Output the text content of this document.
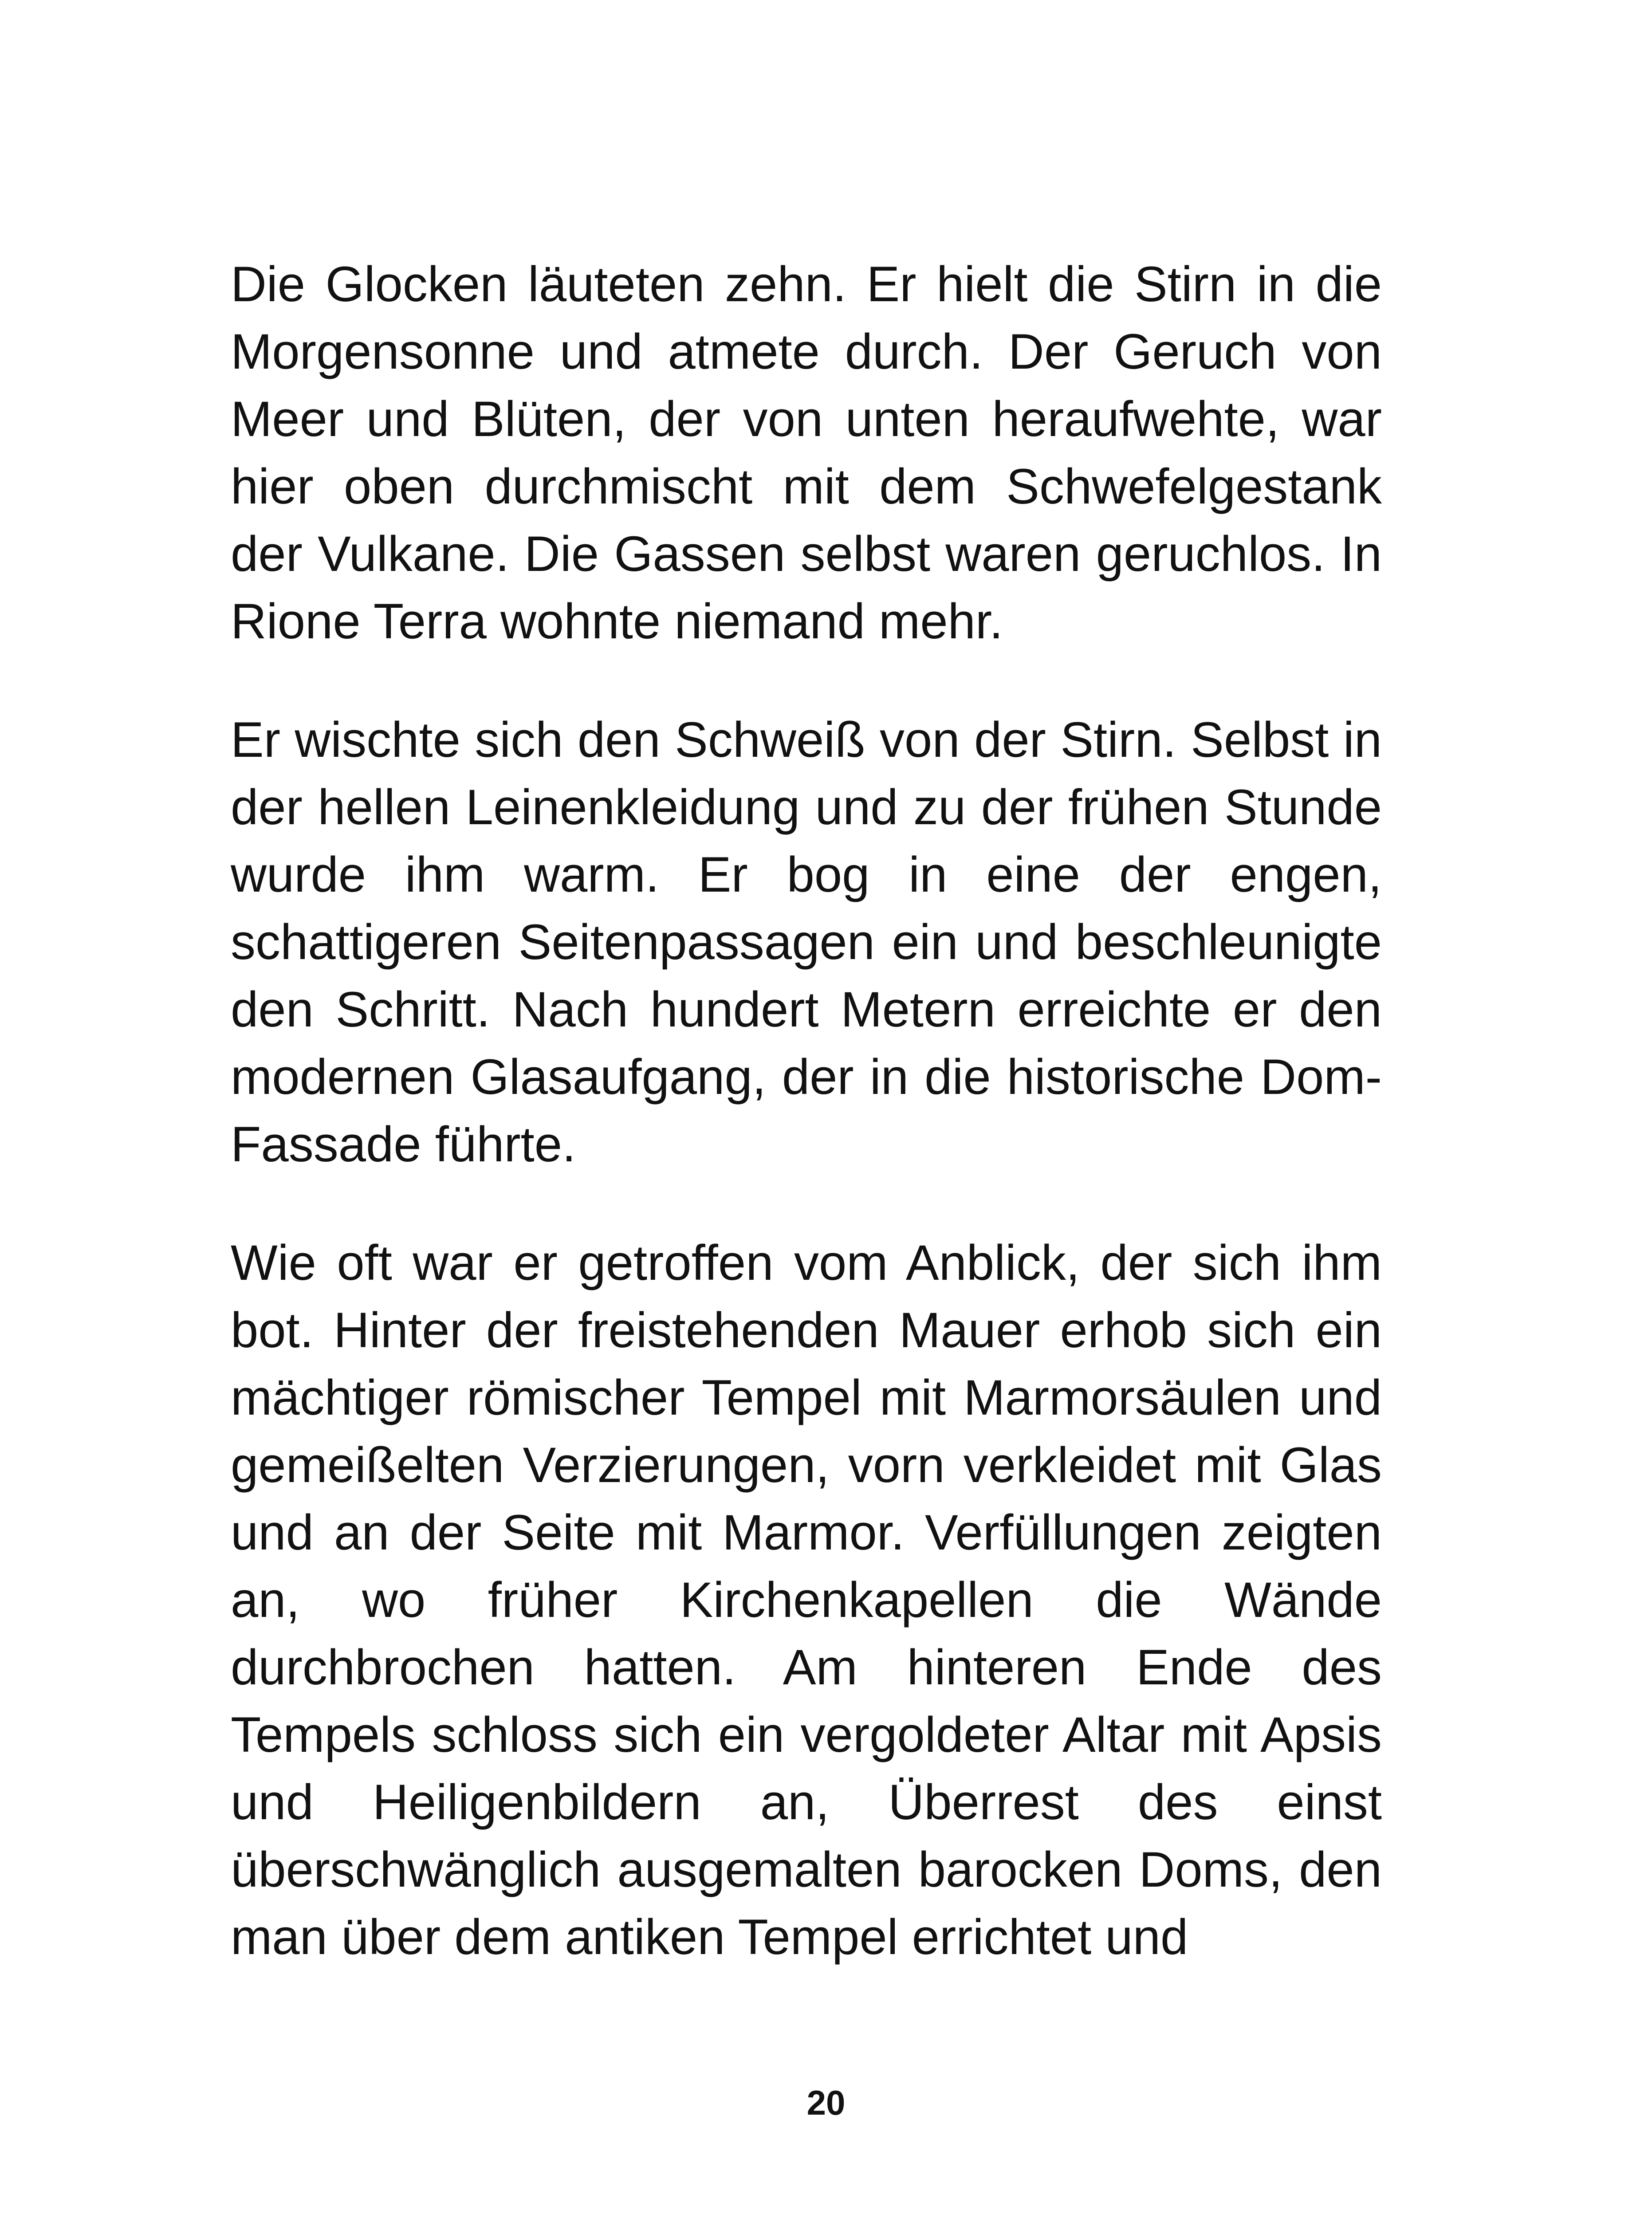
Die Glocken läuteten zehn. Er hielt die Stirn in die Morgensonne und atmete durch. Der Geruch von Meer und Blüten, der von unten heraufwehte, war hier oben durchmischt mit dem Schwefelgestank der Vulkane. Die Gassen selbst waren geruchlos. In Rione Terra wohnte niemand mehr.

Er wischte sich den Schweiß von der Stirn. Selbst in der hellen Leinenkleidung und zu der frühen Stunde wurde ihm warm. Er bog in eine der engen, schattigeren Seitenpassagen ein und beschleunigte den Schritt. Nach hundert Metern erreichte er den modernen Glasaufgang, der in die historische Dom-Fassade führte.

Wie oft war er getroffen vom Anblick, der sich ihm bot. Hinter der freistehenden Mauer erhob sich ein mächtiger römischer Tempel mit Marmorsäulen und gemeißelten Verzierungen, vorn verkleidet mit Glas und an der Seite mit Marmor. Verfüllungen zeigten an, wo früher Kirchenkapellen die Wände durchbrochen hatten. Am hinteren Ende des Tempels schloss sich ein vergoldeter Altar mit Apsis und Heiligenbildern an, Überrest des einst überschwänglich ausgemalten barocken Doms, den man über dem antiken Tempel errichtet und

20
